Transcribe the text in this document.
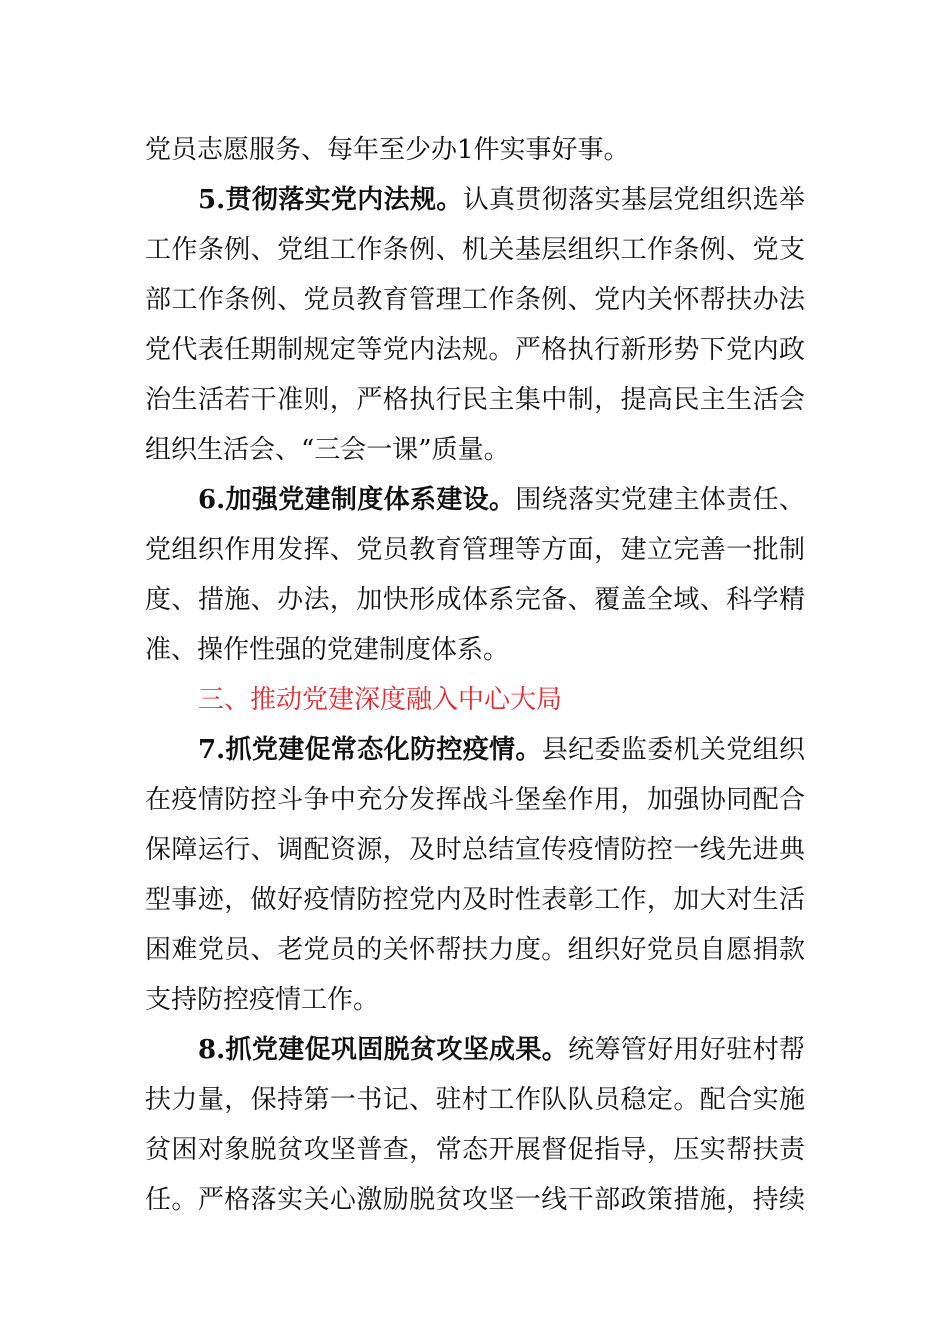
党员志愿服务、每年至少办1件实事好事。
5.贯彻落实党内法规。认真贯彻落实基层党组织选举
工作条例、党组工作条例、机关基层组织工作条例、党支
部工作条例、党员教育管理工作条例、党内关怀帮扶办法
党代表任期制规定等党内法规。严格执行新形势下党内政
治生活若干准则，严格执行民主集中制，提高民主生活会
组织生活会、“三会一课”质量。
6.加强党建制度体系建设。围绕落实党建主体责任、
党组织作用发挥、党员教育管理等方面，建立完善一批制
度、措施、办法，加快形成体系完备、覆盖全域、科学精
准、操作性强的党建制度体系。
三、推动党建深度融入中心大局
7.抓党建促常态化防控疫情。县纪委监委机关党组织
在疫情防控斗争中充分发挥战斗堡垒作用，加强协同配合
保障运行、调配资源，及时总结宣传疫情防控一线先进典
型事迹，做好疫情防控党内及时性表彰工作，加大对生活
困难党员、老党员的关怀帮扶力度。组织好党员自愿捐款
支持防控疫情工作。
8.抓党建促巩固脱贫攻坚成果。统筹管好用好驻村帮
扶力量，保持第一书记、驻村工作队队员稳定。配合实施
贫困对象脱贫攻坚普查，常态开展督促指导，压实帮扶责
任。严格落实关心激励脱贫攻坚一线干部政策措施，持续
